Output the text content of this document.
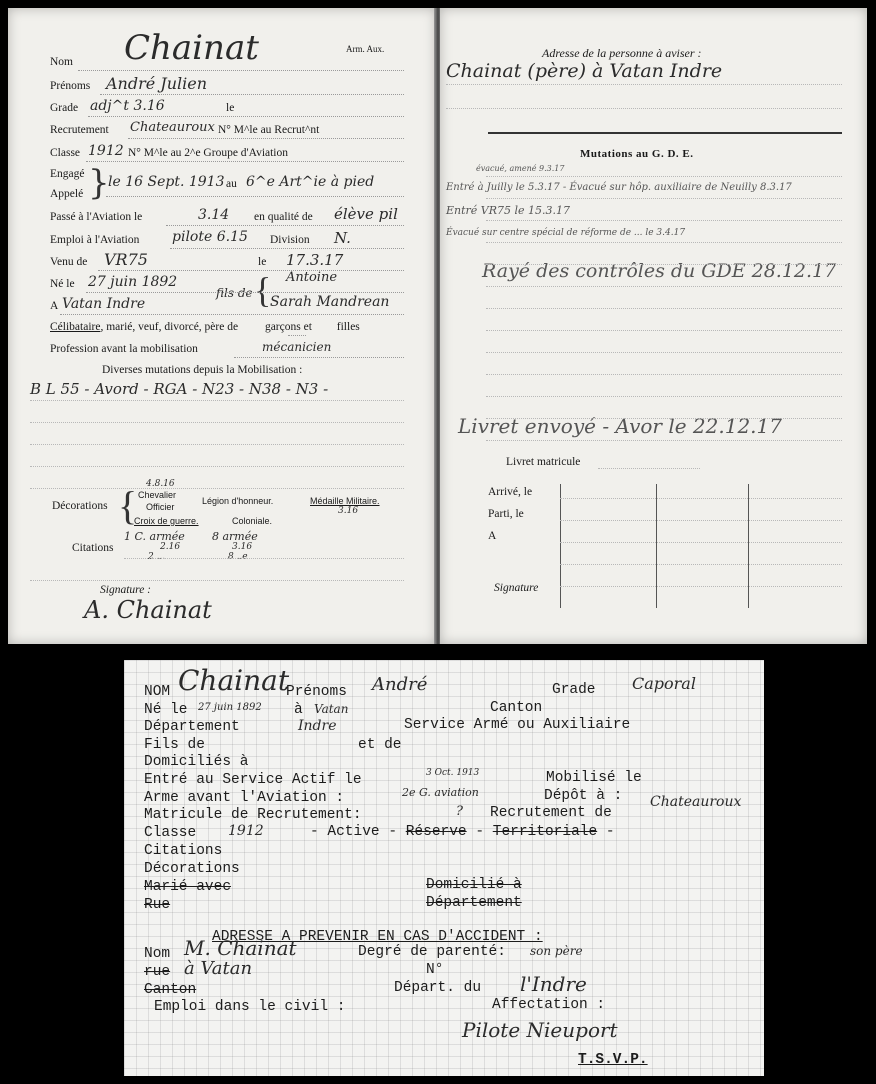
Nom Chainat	Arm. Aux.
Prénoms André Julien
Grade adj^t 3.16	le
Recrutement Chateauroux N° M^le au Recrut^nt
Classe 1912 N° M^le au 2^e Groupe d'Aviation
Engagé
Appelé }
le 16 Sept. 1913 au 6^e Art^ie à pied
Passé à l'Aviation le	3.14 en qualité de élève pil
Emploi à l'Aviation pilote 6.15 Division N.
Venu de VR75	le 17.3.17
Né le 27 juin 1892	Antoine
A Vatan Indre
fils de {
Sarah Mandrean
Célibataire, marié, veuf, divorcé, père de garçons et filles
Profession avant la mobilisation	mécanicien
Diverses mutations depuis la Mobilisation :
B L 55 - Avord - RGA - N23 - N38 - N3 -
Décorations { 4.8.16
Chevalier
Officier
Légion d'honneur.	Médaille Militaire.
3.16
Croix de guerre.	Coloniale.
1 C. armée 8 armée
Citations	2.16	3.16
2 ...	8 ..e
Signature :
A. Chainat
Adresse de la personne à aviser :
Chainat (père) à Vatan Indre
Mutations au G. D. E.
évacué, amené 9.3.17
Entré à Juilly le 5.3.17 - Évacué sur hôp. auxiliaire de Neuilly 8.3.17
Entré VR75 le 15.3.17
Évacué sur centre spécial de réforme de ... le 3.4.17
Rayé des contrôles du GDE 28.12.17
Livret envoyé - Avor le 22.12.17
Livret matricule
Arrivé, le
Parti, le
A
Signature
NOM Chainat
Prénoms André	Grade Caporal
Né le 27 juin 1892 à Vatan	Canton
Département	Indre	Service Armé ou Auxiliaire
Fils de	et de
Domiciliés à
Entré au Service Actif le	3 Oct. 1913	Mobilisé le
Arme avant l'Aviation :	2e G. aviation	Dépôt à :
Matricule de Recrutement:	? Recrutement de
Chateauroux
Classe 1912	- Active - Réserve - Territoriale -
Citations
Décorations
Marié avec	Domicilié à
Rue	Département
ADRESSE A PREVENIR EN CAS D'ACCIDENT :
Nom M. Chainat	Degré de parenté: son père
rue à Vatan	N°
Canton	Départ. du l'Indre
Emploi dans le civil :	Affectation :
Pilote Nieuport
T.S.V.P.
